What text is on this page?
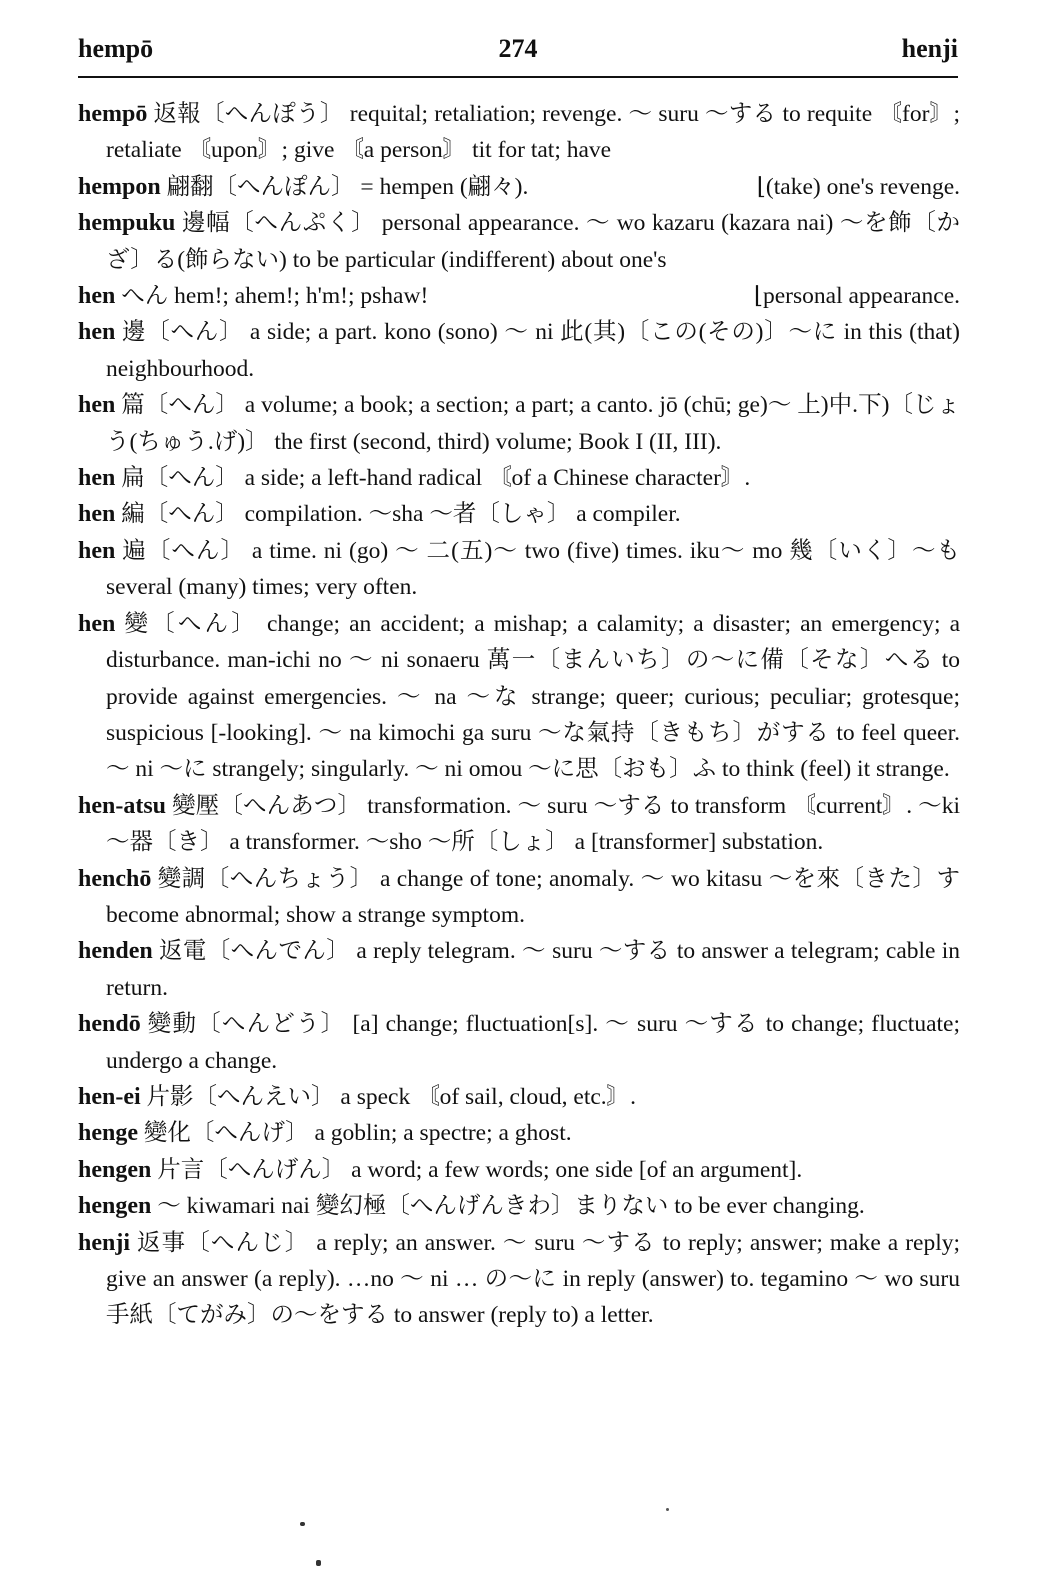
hempō	274	henji

hempō 返報〔へんぽう〕 requital; retaliation; revenge. ～ suru ～する to requite 〘for〙; retaliate 〘upon〙; give 〘a person〙 tit for tat; have

hempon 翩翻〔へんぽん〕 = hempen (翩々).	⌊(take) one's revenge.

hempuku 邊幅〔へんぷく〕 personal appearance. ～ wo kazaru (kazara nai) ～を飾〔かざ〕る(飾らない) to be particular (indifferent) about one's

hen へん hem!; ahem!; h'm!; pshaw!	⌊personal appearance.

hen 邊〔へん〕 a side; a part. kono (sono) ～ ni 此(其)〔この(その)〕～に in this (that) neighbourhood.

hen 篇〔へん〕 a volume; a book; a section; a part; a canto. jō (chū; ge)～ 上)中.下)〔じょう(ちゅう.げ)〕 the first (second, third) volume; Book I (II, III).

hen 扁〔へん〕 a side; a left-hand radical 〘of a Chinese character〙.

hen 編〔へん〕 compilation. ～sha ～者〔しゃ〕 a compiler.

hen 遍〔へん〕 a time. ni (go) ～ 二(五)～ two (five) times. iku～ mo 幾〔いく〕～も several (many) times; very often.

hen 變〔へん〕 change; an accident; a mishap; a calamity; a disaster; an emergency; a disturbance. man-ichi no ～ ni sonaeru 萬一〔まんいち〕の～に備〔そな〕へる to provide against emergencies. ～ na ～な strange; queer; curious; peculiar; grotesque; suspicious [-looking]. ～ na kimochi ga suru ～な氣持〔きもち〕がする to feel queer. ～ ni ～に strangely; singularly. ～ ni omou ～に思〔おも〕ふ to think (feel) it strange.

hen-atsu 變壓〔へんあつ〕 transformation. ～ suru ～する to transform 〘current〙. ～ki ～器〔き〕 a transformer. ～sho ～所〔しょ〕 a [transformer] substation.

henchō 變調〔へんちょう〕 a change of tone; anomaly. ～ wo kitasu ～を來〔きた〕す become abnormal; show a strange symptom.

henden 返電〔へんでん〕 a reply telegram. ～ suru ～する to answer a telegram; cable in return.

hendō 變動〔へんどう〕 [a] change; fluctuation[s]. ～ suru ～する to change; fluctuate; undergo a change.

hen-ei 片影〔へんえい〕 a speck 〘of sail, cloud, etc.〙.

henge 變化〔へんげ〕 a goblin; a spectre; a ghost.

hengen 片言〔へんげん〕 a word; a few words; one side [of an argument].

hengen ～ kiwamari nai 變幻極〔へんげんきわ〕まりない to be ever changing.

henji 返事〔へんじ〕 a reply; an answer. ～ suru ～する to reply; answer; make a reply; give an answer (a reply). …no ～ ni … の～に in reply (answer) to. tegamino ～ wo suru 手紙〔てがみ〕の～をする to answer (reply to) a letter.
